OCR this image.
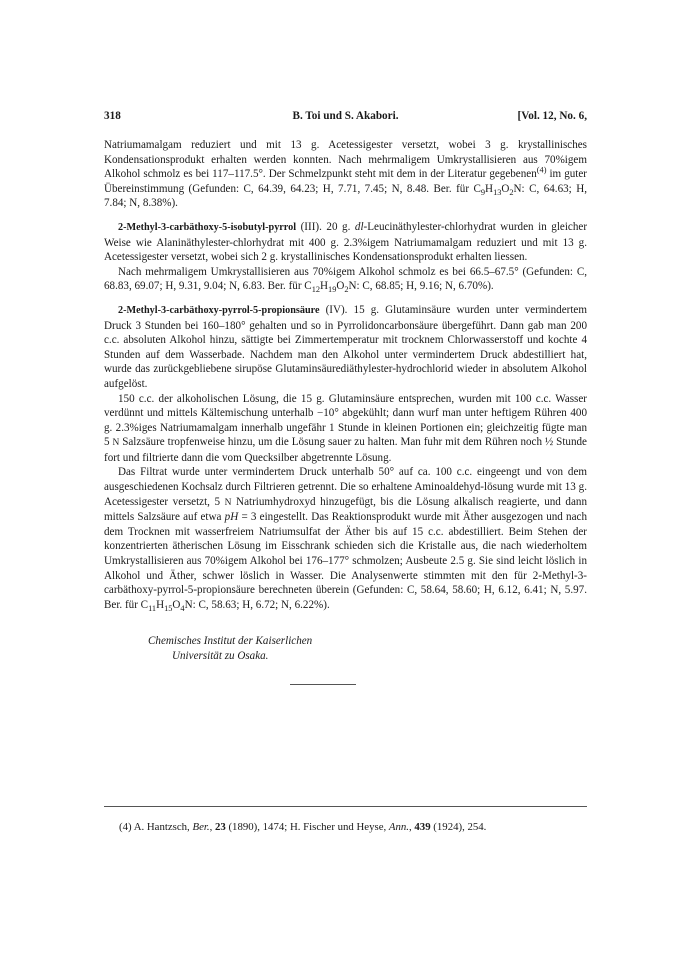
318	B. Toi und S. Akabori.	[Vol. 12, No. 6,

Natriumamalgam reduziert und mit 13 g. Acetessigester versetzt, wobei 3 g. krystallinisches Kondensationsprodukt erhalten werden konnten. Nach mehrmaligem Umkrystallisieren aus 70%igem Alkohol schmolz es bei 117–117.5°. Der Schmelzpunkt steht mit dem in der Literatur gegebenen$^{(4)}$ im guter Übereinstimmung (Gefunden: C, 64.39, 64.23; H, 7.71, 7.45; N, 8.48. Ber. für $C_9H_{13}O_2N$: C, 64.63; H, 7.84; N, 8.38%).

2-Methyl-3-carbäthoxy-5-isobutyl-pyrrol (III). 20 g. dl-Leucinäthylester-chlorhydrat wurden in gleicher Weise wie Alaninäthylester-chlorhydrat mit 400 g. 2.3%igem Natriumamalgam reduziert und mit 13 g. Acetessigester versetzt, wobei sich 2 g. krystallinisches Kondensationsprodukt erhalten liessen.

Nach mehrmaligem Umkrystallisieren aus 70%igem Alkohol schmolz es bei 66.5–67.5° (Gefunden: C, 68.83, 69.07; H, 9.31, 9.04; N, 6.83. Ber. für $C_{12}H_{19}O_2N$: C, 68.85; H, 9.16; N, 6.70%).

2-Methyl-3-carbäthoxy-pyrrol-5-propionsäure (IV). 15 g. Glutaminsäure wurden unter vermindertem Druck 3 Stunden bei 160–180° gehalten und so in Pyrrolidoncarbonsäure übergeführt. Dann gab man 200 c.c. absoluten Alkohol hinzu, sättigte bei Zimmertemperatur mit trocknem Chlorwasserstoff und kochte 4 Stunden auf dem Wasserbade. Nachdem man den Alkohol unter vermindertem Druck abdestilliert hat, wurde das zurückgebliebene sirupöse Glutaminsäurediäthylester-hydrochlorid wieder in absolutem Alkohol aufgelöst.

150 c.c. der alkoholischen Lösung, die 15 g. Glutaminsäure entsprechen, wurden mit 100 c.c. Wasser verdünnt und mittels Kältemischung unterhalb −10° abgekühlt; dann wurf man unter heftigem Rühren 400 g. 2.3%iges Natriumamalgam innerhalb ungefähr 1 Stunde in kleinen Portionen ein; gleichzeitig fügte man 5 N Salzsäure tropfenweise hinzu, um die Lösung sauer zu halten. Man fuhr mit dem Rühren noch ½ Stunde fort und filtrierte dann die vom Quecksilber abgetrennte Lösung.

Das Filtrat wurde unter vermindertem Druck unterhalb 50° auf ca. 100 c.c. eingeengt und von dem ausgeschiedenen Kochsalz durch Filtrieren getrennt. Die so erhaltene Aminoaldehyd-lösung wurde mit 13 g. Acetessigester versetzt, 5 N Natriumhydroxyd hinzugefügt, bis die Lösung alkalisch reagierte, und dann mittels Salzsäure auf etwa pH = 3 eingestellt. Das Reaktionsprodukt wurde mit Äther ausgezogen und nach dem Trocknen mit wasserfreiem Natriumsulfat der Äther bis auf 15 c.c. abdestilliert. Beim Stehen der konzentrierten ätherischen Lösung im Eisschrank schieden sich die Kristalle aus, die nach wiederholtem Umkrystallisieren aus 70%igem Alkohol bei 176–177° schmolzen; Ausbeute 2.5 g. Sie sind leicht löslich in Alkohol und Äther, schwer löslich in Wasser. Die Analysenwerte stimmten mit den für 2-Methyl-3-carbäthoxy-pyrrol-5-propionsäure berechneten überein (Gefunden: C, 58.64, 58.60; H, 6.12, 6.41; N, 5.97. Ber. für $C_{11}H_{15}O_4N$: C, 58.63; H, 6.72; N, 6.22%).

Chemisches Institut der Kaiserlichen
Universität zu Osaka.
(4) A. Hantzsch, Ber., 23 (1890), 1474; H. Fischer und Heyse, Ann., 439 (1924), 254.
